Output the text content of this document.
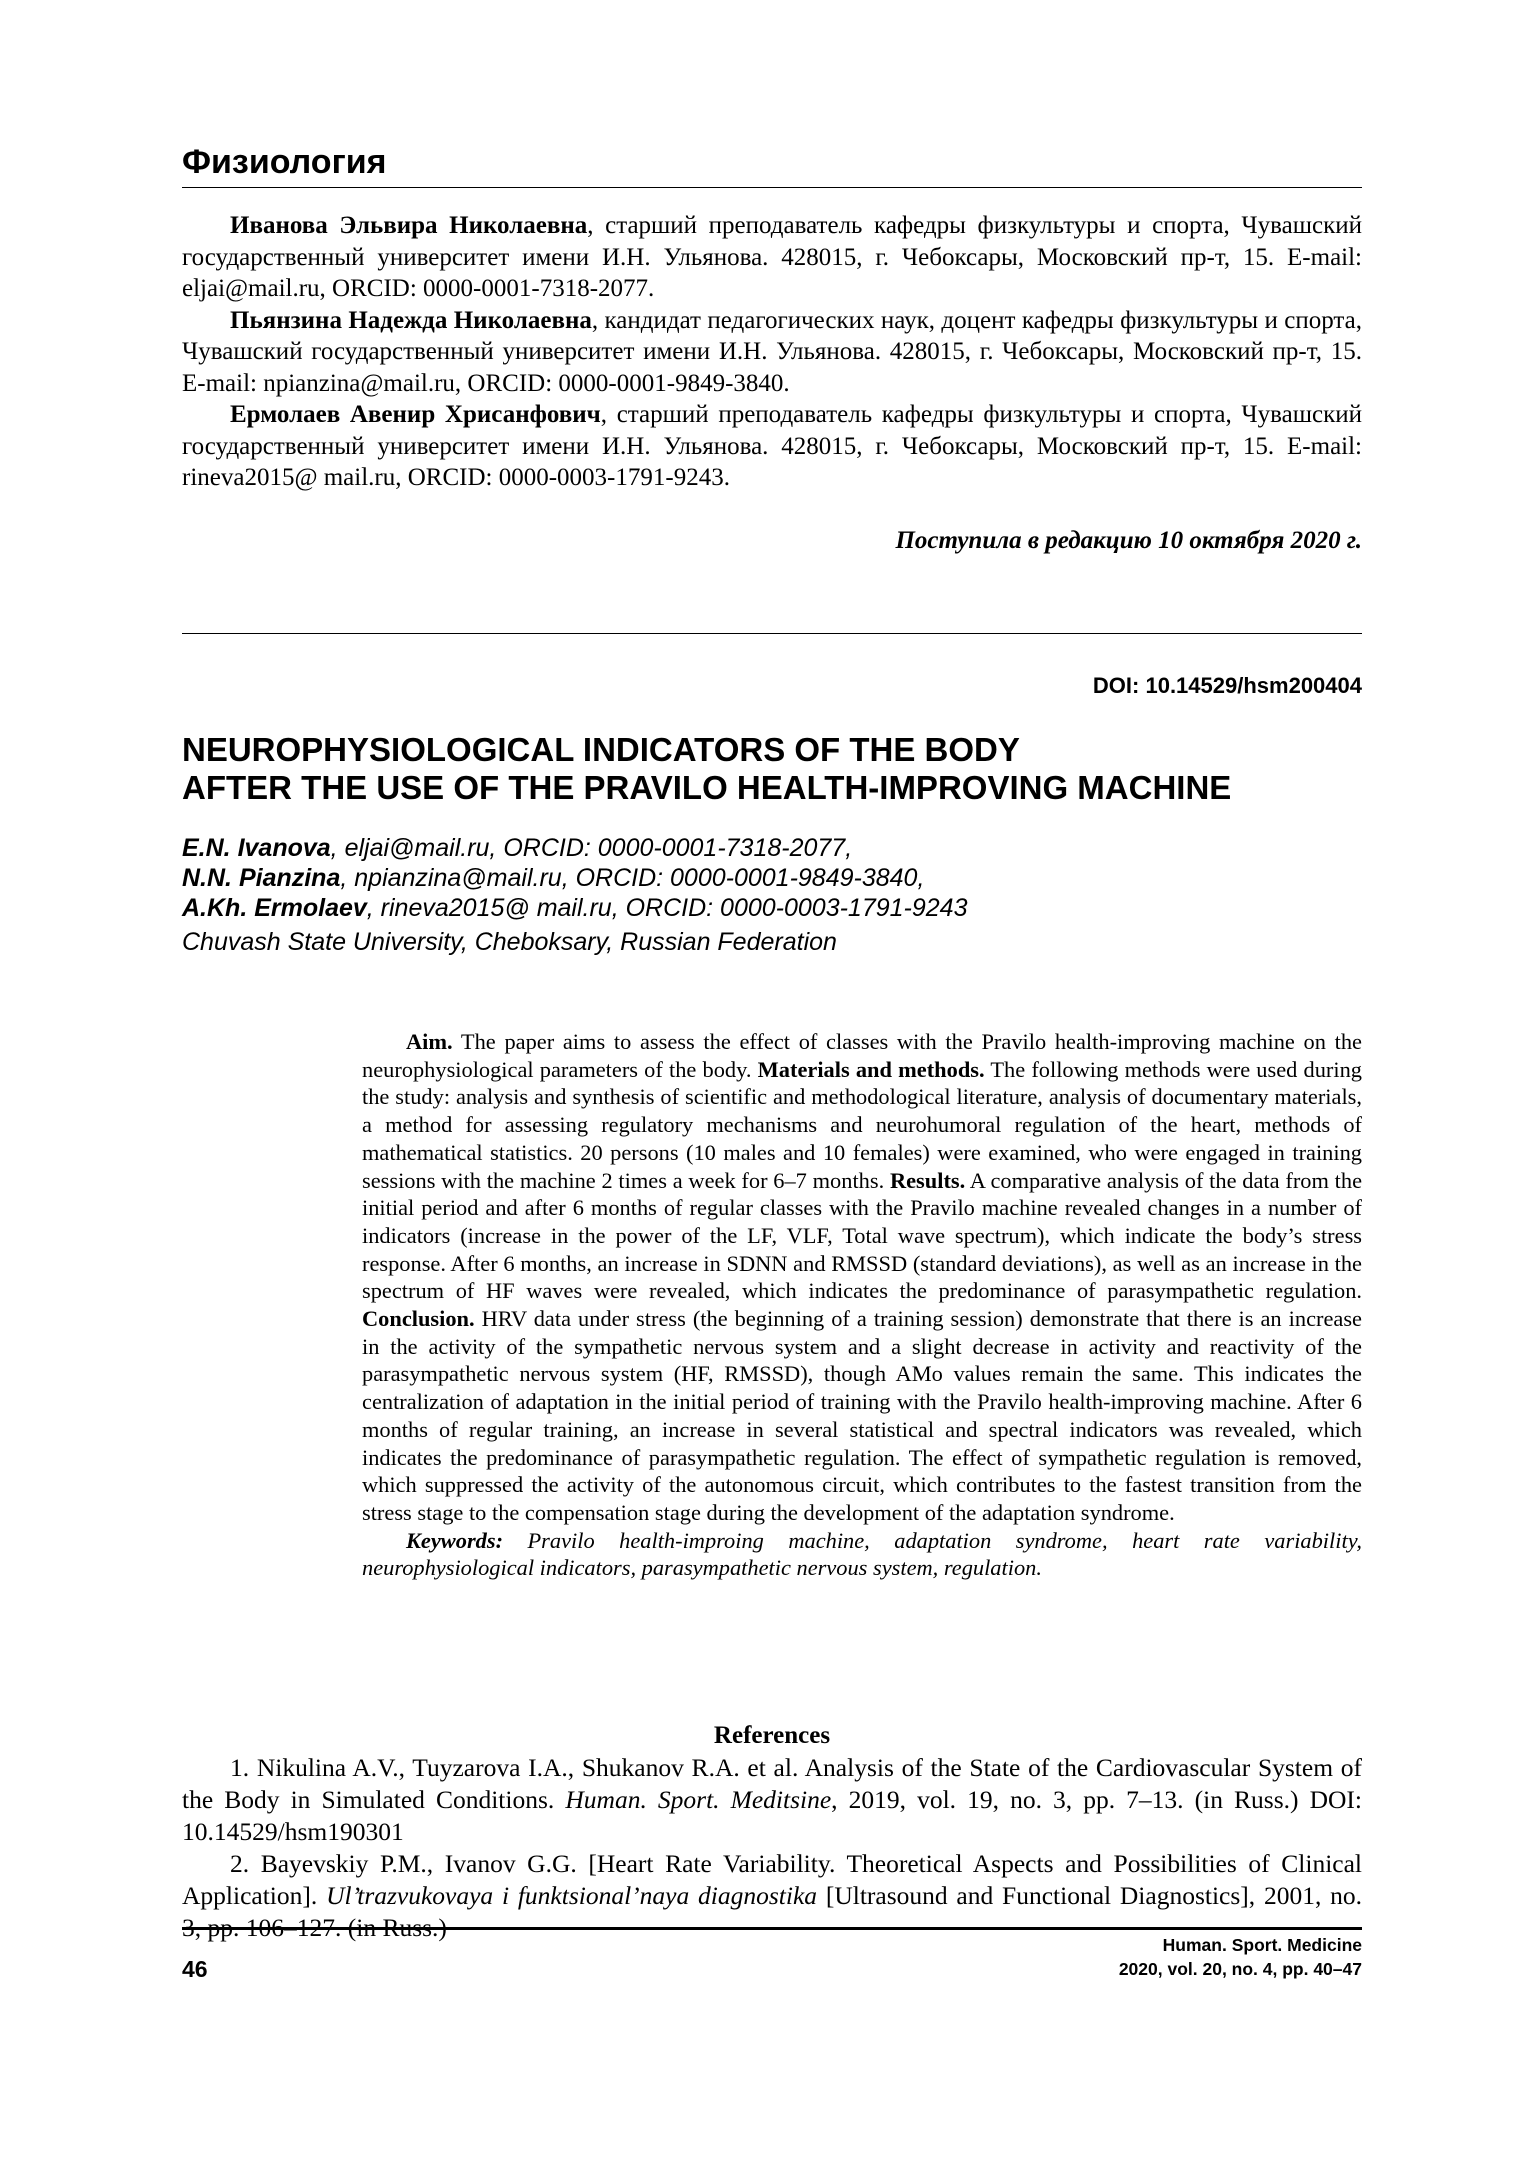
Физиология

Иванова Эльвира Николаевна, старший преподаватель кафедры физкультуры и спорта, Чувашский государственный университет имени И.Н. Ульянова. 428015, г. Чебоксары, Московский пр-т, 15. E-mail: eljai@mail.ru, ORCID: 0000-0001-7318-2077.

Пьянзина Надежда Николаевна, кандидат педагогических наук, доцент кафедры физкультуры и спорта, Чувашский государственный университет имени И.Н. Ульянова. 428015, г. Чебоксары, Московский пр-т, 15. E-mail: npianzina@mail.ru, ORCID: 0000-0001-9849-3840.

Ермолаев Авенир Хрисанфович, старший преподаватель кафедры физкультуры и спорта, Чувашский государственный университет имени И.Н. Ульянова. 428015, г. Чебоксары, Московский пр-т, 15. E-mail: rineva2015@ mail.ru, ORCID: 0000-0003-1791-9243.

Поступила в редакцию 10 октября 2020 г.
DOI: 10.14529/hsm200404
NEUROPHYSIOLOGICAL INDICATORS OF THE BODY
AFTER THE USE OF THE PRAVILO HEALTH-IMPROVING MACHINE
E.N. Ivanova, eljai@mail.ru, ORCID: 0000-0001-7318-2077,
N.N. Pianzina, npianzina@mail.ru, ORCID: 0000-0001-9849-3840,
A.Kh. Ermolaev, rineva2015@ mail.ru, ORCID: 0000-0003-1791-9243
Chuvash State University, Cheboksary, Russian Federation

Aim. The paper aims to assess the effect of classes with the Pravilo health-improving machine on the neurophysiological parameters of the body. Materials and methods. The following methods were used during the study: analysis and synthesis of scientific and methodological literature, analysis of documentary materials, a method for assessing regulatory mechanisms and neurohumoral regulation of the heart, methods of mathematical statistics. 20 persons (10 males and 10 females) were examined, who were engaged in training sessions with the machine 2 times a week for 6–7 months. Results. A comparative analysis of the data from the initial period and after 6 months of regular classes with the Pravilo machine revealed changes in a number of indicators (increase in the power of the LF, VLF, Total wave spectrum), which indicate the body’s stress response. After 6 months, an increase in SDNN and RMSSD (standard deviations), as well as an increase in the spectrum of HF waves were revealed, which indicates the predominance of parasympathetic regulation. Conclusion. HRV data under stress (the beginning of a training session) demonstrate that there is an increase in the activity of the sympathetic nervous system and a slight decrease in activity and reactivity of the parasympathetic nervous system (HF, RMSSD), though AMo values remain the same. This indicates the centralization of adaptation in the initial period of training with the Pravilo health-improving machine. After 6 months of regular training, an increase in several statistical and spectral indicators was revealed, which indicates the predominance of parasympathetic regulation. The effect of sympathetic regulation is removed, which suppressed the activity of the autonomous circuit, which contributes to the fastest transition from the stress stage to the compensation stage during the development of the adaptation syndrome.

Keywords: Pravilo health-improing machine, adaptation syndrome, heart rate variability, neurophysiological indicators, parasympathetic nervous system, regulation.

References

1. Nikulina A.V., Tuyzarova I.A., Shukanov R.A. et al. Analysis of the State of the Cardiovascular System of the Body in Simulated Conditions. Human. Sport. Meditsine, 2019, vol. 19, no. 3, pp. 7–13. (in Russ.) DOI: 10.14529/hsm190301

2. Bayevskiy P.M., Ivanov G.G. [Heart Rate Variability. Theoretical Aspects and Possibilities of Clinical Application]. Ul’trazvukovaya i funktsional’naya diagnostika [Ultrasound and Functional Diagnostics], 2001, no. 3, pp. 106–127. (in Russ.)

46
Human. Sport. Medicine
2020, vol. 20, no. 4, pp. 40–47
